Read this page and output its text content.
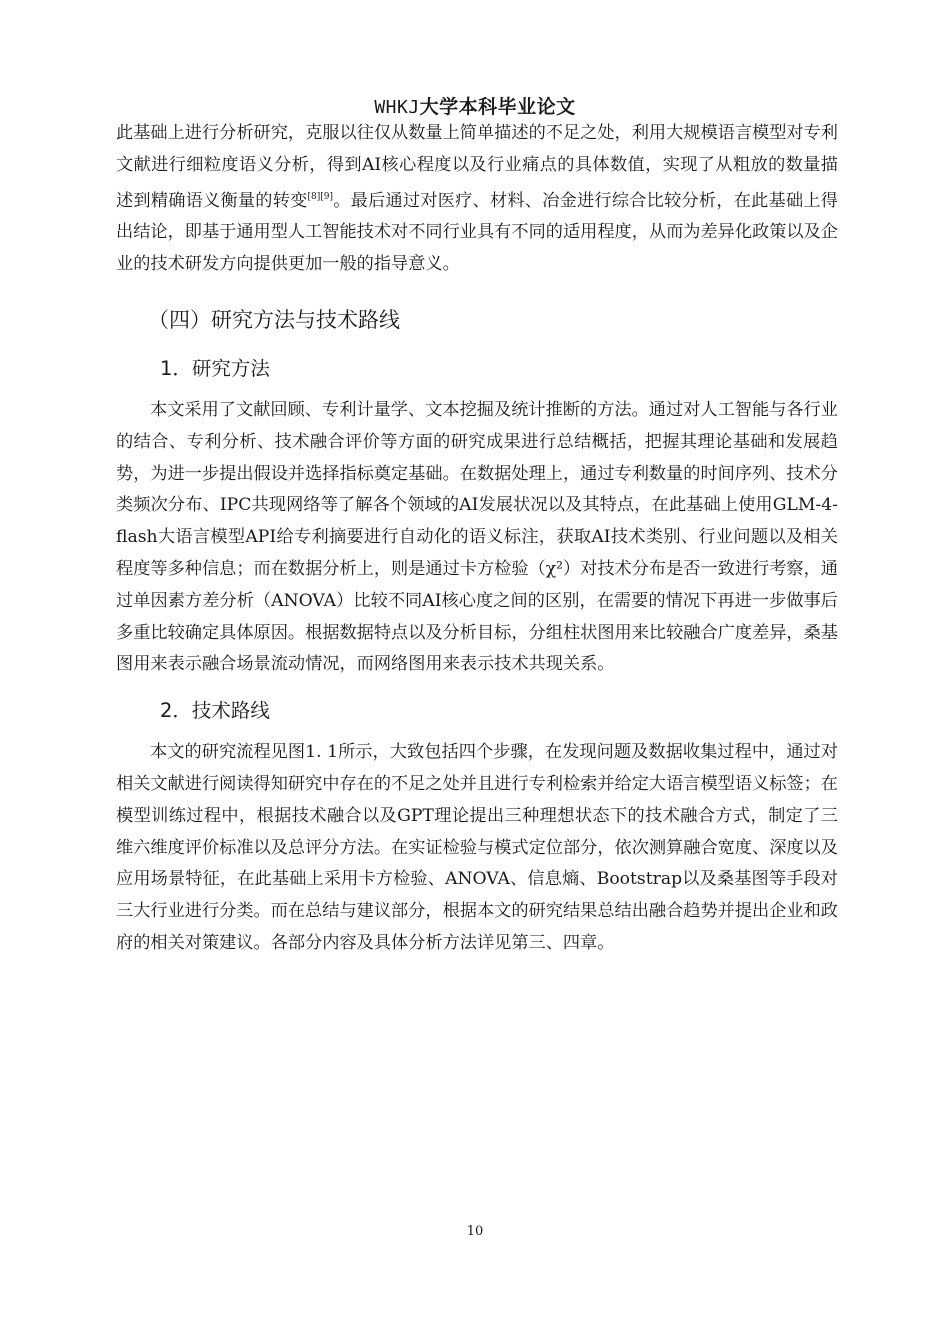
WHKJ大学本科毕业论文

此基础上进行分析研究，克服以往仅从数量上简单描述的不足之处，利用大规模语言模型对专利文献进行细粒度语义分析，得到AI核心程度以及行业痛点的具体数值，实现了从粗放的数量描述到精确语义衡量的转变[8][9]。最后通过对医疗、材料、冶金进行综合比较分析，在此基础上得出结论，即基于通用型人工智能技术对不同行业具有不同的适用程度，从而为差异化政策以及企业的技术研发方向提供更加一般的指导意义。

（四）研究方法与技术路线
1．研究方法

本文采用了文献回顾、专利计量学、文本挖掘及统计推断的方法。通过对人工智能与各行业的结合、专利分析、技术融合评价等方面的研究成果进行总结概括，把握其理论基础和发展趋势，为进一步提出假设并选择指标奠定基础。在数据处理上，通过专利数量的时间序列、技术分类频次分布、IPC共现网络等了解各个领域的AI发展状况以及其特点，在此基础上使用GLM-4-flash大语言模型API给专利摘要进行自动化的语义标注，获取AI技术类别、行业问题以及相关程度等多种信息；而在数据分析上，则是通过卡方检验（χ²）对技术分布是否一致进行考察，通过单因素方差分析（ANOVA）比较不同AI核心度之间的区别，在需要的情况下再进一步做事后多重比较确定具体原因。根据数据特点以及分析目标，分组柱状图用来比较融合广度差异，桑基图用来表示融合场景流动情况，而网络图用来表示技术共现关系。

2．技术路线

本文的研究流程见图1. 1所示，大致包括四个步骤，在发现问题及数据收集过程中，通过对相关文献进行阅读得知研究中存在的不足之处并且进行专利检索并给定大语言模型语义标签；在模型训练过程中，根据技术融合以及GPT理论提出三种理想状态下的技术融合方式，制定了三维六维度评价标准以及总评分方法。在实证检验与模式定位部分，依次测算融合宽度、深度以及应用场景特征，在此基础上采用卡方检验、ANOVA、信息熵、Bootstrap以及桑基图等手段对三大行业进行分类。而在总结与建议部分，根据本文的研究结果总结出融合趋势并提出企业和政府的相关对策建议。各部分内容及具体分析方法详见第三、四章。

10
